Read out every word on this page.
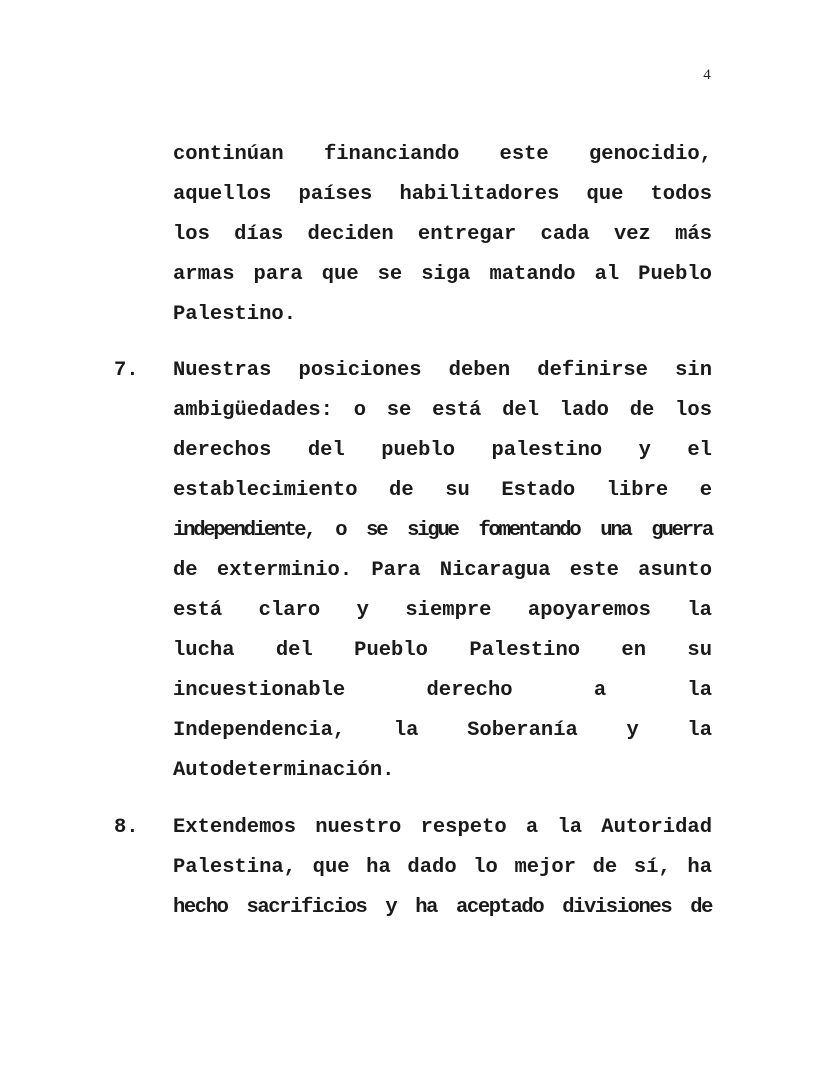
4
continúan financiando este genocidio,
aquellos países habilitadores que todos
los días deciden entregar cada vez más
armas para que se siga matando al Pueblo
Palestino.
7. Nuestras posiciones deben definirse sin
ambigüedades: o se está del lado de los
derechos del pueblo palestino y el
establecimiento de su Estado libre e
independiente, o se sigue fomentando una guerra
de exterminio. Para Nicaragua este asunto
está claro y siempre apoyaremos la
lucha del Pueblo Palestino en su
incuestionable derecho a la
Independencia, la Soberanía y la
Autodeterminación.
8. Extendemos nuestro respeto a la Autoridad
Palestina, que ha dado lo mejor de sí, ha
hecho sacrificios y ha aceptado divisiones de
